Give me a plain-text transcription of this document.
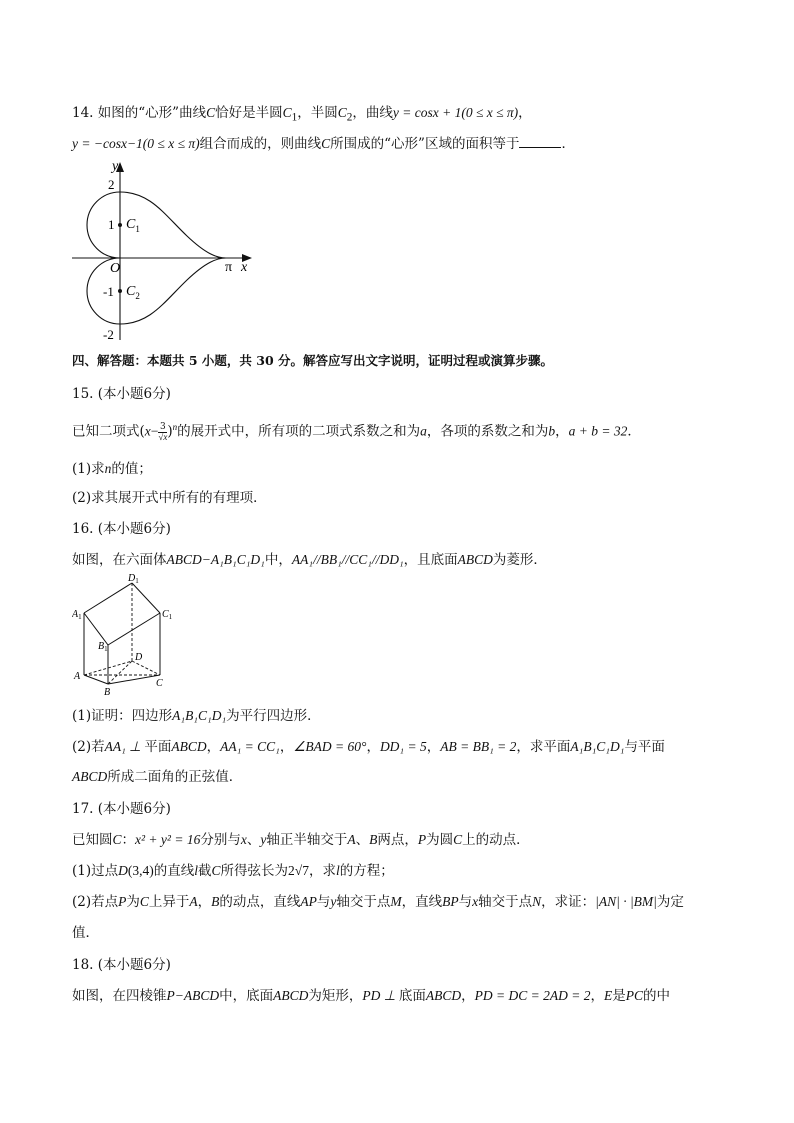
14. 如图的“心形”曲线C恰好是半圆$C_1$，半圆$C_2$，曲线y = cosx + 1(0 ≤ x ≤ π)，
y = −cosx−1(0 ≤ x ≤ π)组合而成的，则曲线C所围成的“心形”区域的面积等于	．
y
2
1
O
-1
-2
π x
$C_1$
$C_2$
四、解答题：本题共 5 小题，共 30 分。解答应写出文字说明，证明过程或演算步骤。
15. (本小题6分)
已知二项式$(x- \frac{3}{√x} )^n$的展开式中，所有项的二项式系数之和为a，各项的系数之和为b，a + b = 32．
(1)求n的值；
(2)求其展开式中所有的有理项．
16. (本小题6分)
如图，在六面体ABCD−A₁B₁C₁D₁中，AA₁//BB₁//CC₁//DD₁，且底面ABCD为菱形．
$D_1$
$A_1$	$C_1$
$B_1$
D
A
C
B
(1)证明：四边形A₁B₁C₁D₁为平行四边形．
(2)若AA₁ ⊥ 平面ABCD，AA₁ = CC₁，∠BAD = 60°，DD₁ = 5，AB = BB₁ = 2，求平面A₁B₁C₁D₁与平面
ABCD所成二面角的正弦值．
17. (本小题6分)
已知圆C：x² + y² = 16分别与x、y轴正半轴交于A、B两点，P为圆C上的动点．
(1)过点D(3,4)的直线l截C所得弦长为2√7，求l的方程；
(2)若点P为C上异于A，B的动点，直线AP与y轴交于点M，直线BP与x轴交于点N，求证：|AN| · |BM|为定
值．
18. (本小题6分)
如图，在四棱锥P−ABCD中，底面ABCD为矩形，PD ⊥ 底面ABCD，PD = DC = 2AD = 2，E是PC的中
